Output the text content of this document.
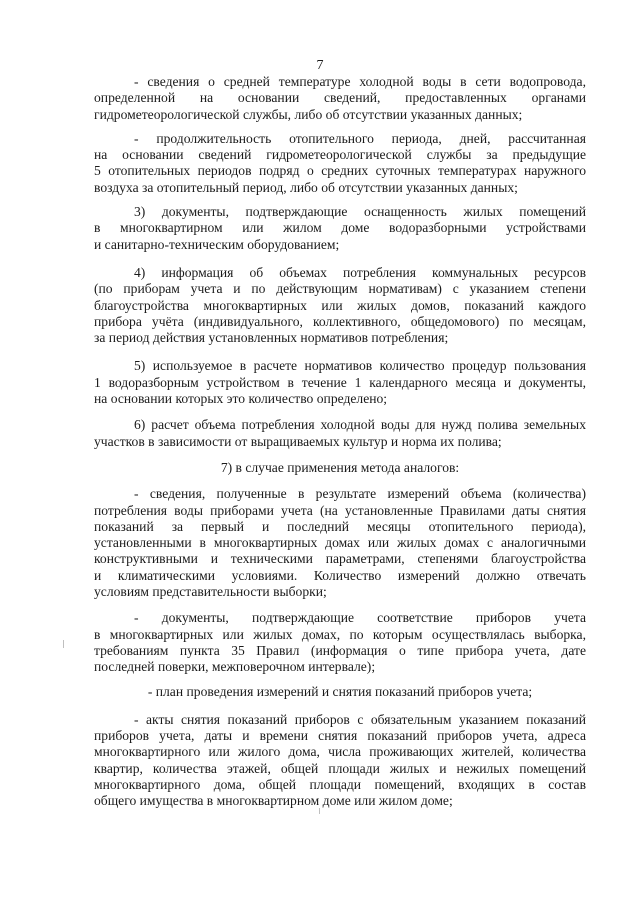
7
- сведения о средней температуре холодной воды в сети водопровода,
определенной на основании сведений, предоставленных органами
гидрометеорологической службы, либо об отсутствии указанных данных;
- продолжительность отопительного периода, дней, рассчитанная
на основании сведений гидрометеорологической службы за предыдущие
5 отопительных периодов подряд о средних суточных температурах наружного
воздуха за отопительный период, либо об отсутствии указанных данных;
3) документы, подтверждающие оснащенность жилых помещений
в многоквартирном или жилом доме водоразборными устройствами
и санитарно-техническим оборудованием;
4) информация об объемах потребления коммунальных ресурсов
(по приборам учета и по действующим нормативам) с указанием степени
благоустройства многоквартирных или жилых домов, показаний каждого
прибора учёта (индивидуального, коллективного, общедомового) по месяцам,
за период действия установленных нормативов потребления;
5) используемое в расчете нормативов количество процедур пользования
1 водоразборным устройством в течение 1 календарного месяца и документы,
на основании которых это количество определено;
6) расчет объема потребления холодной воды для нужд полива земельных
участков в зависимости от выращиваемых культур и норма их полива;
7) в случае применения метода аналогов:
- сведения, полученные в результате измерений объема (количества)
потребления воды приборами учета (на установленные Правилами даты снятия
показаний за первый и последний месяцы отопительного периода),
установленными в многоквартирных домах или жилых домах с аналогичными
конструктивными и техническими параметрами, степенями благоустройства
и климатическими условиями. Количество измерений должно отвечать
условиям представительности выборки;
- документы, подтверждающие соответствие приборов учета
в многоквартирных или жилых домах, по которым осуществлялась выборка,
требованиям пункта 35 Правил (информация о типе прибора учета, дате
последней поверки, межповерочном интервале);
- план проведения измерений и снятия показаний приборов учета;
- акты снятия показаний приборов с обязательным указанием показаний
приборов учета, даты и времени снятия показаний приборов учета, адреса
многоквартирного или жилого дома, числа проживающих жителей, количества
квартир, количества этажей, общей площади жилых и нежилых помещений
многоквартирного дома, общей площади помещений, входящих в состав
общего имущества в многоквартирном доме или жилом доме;
